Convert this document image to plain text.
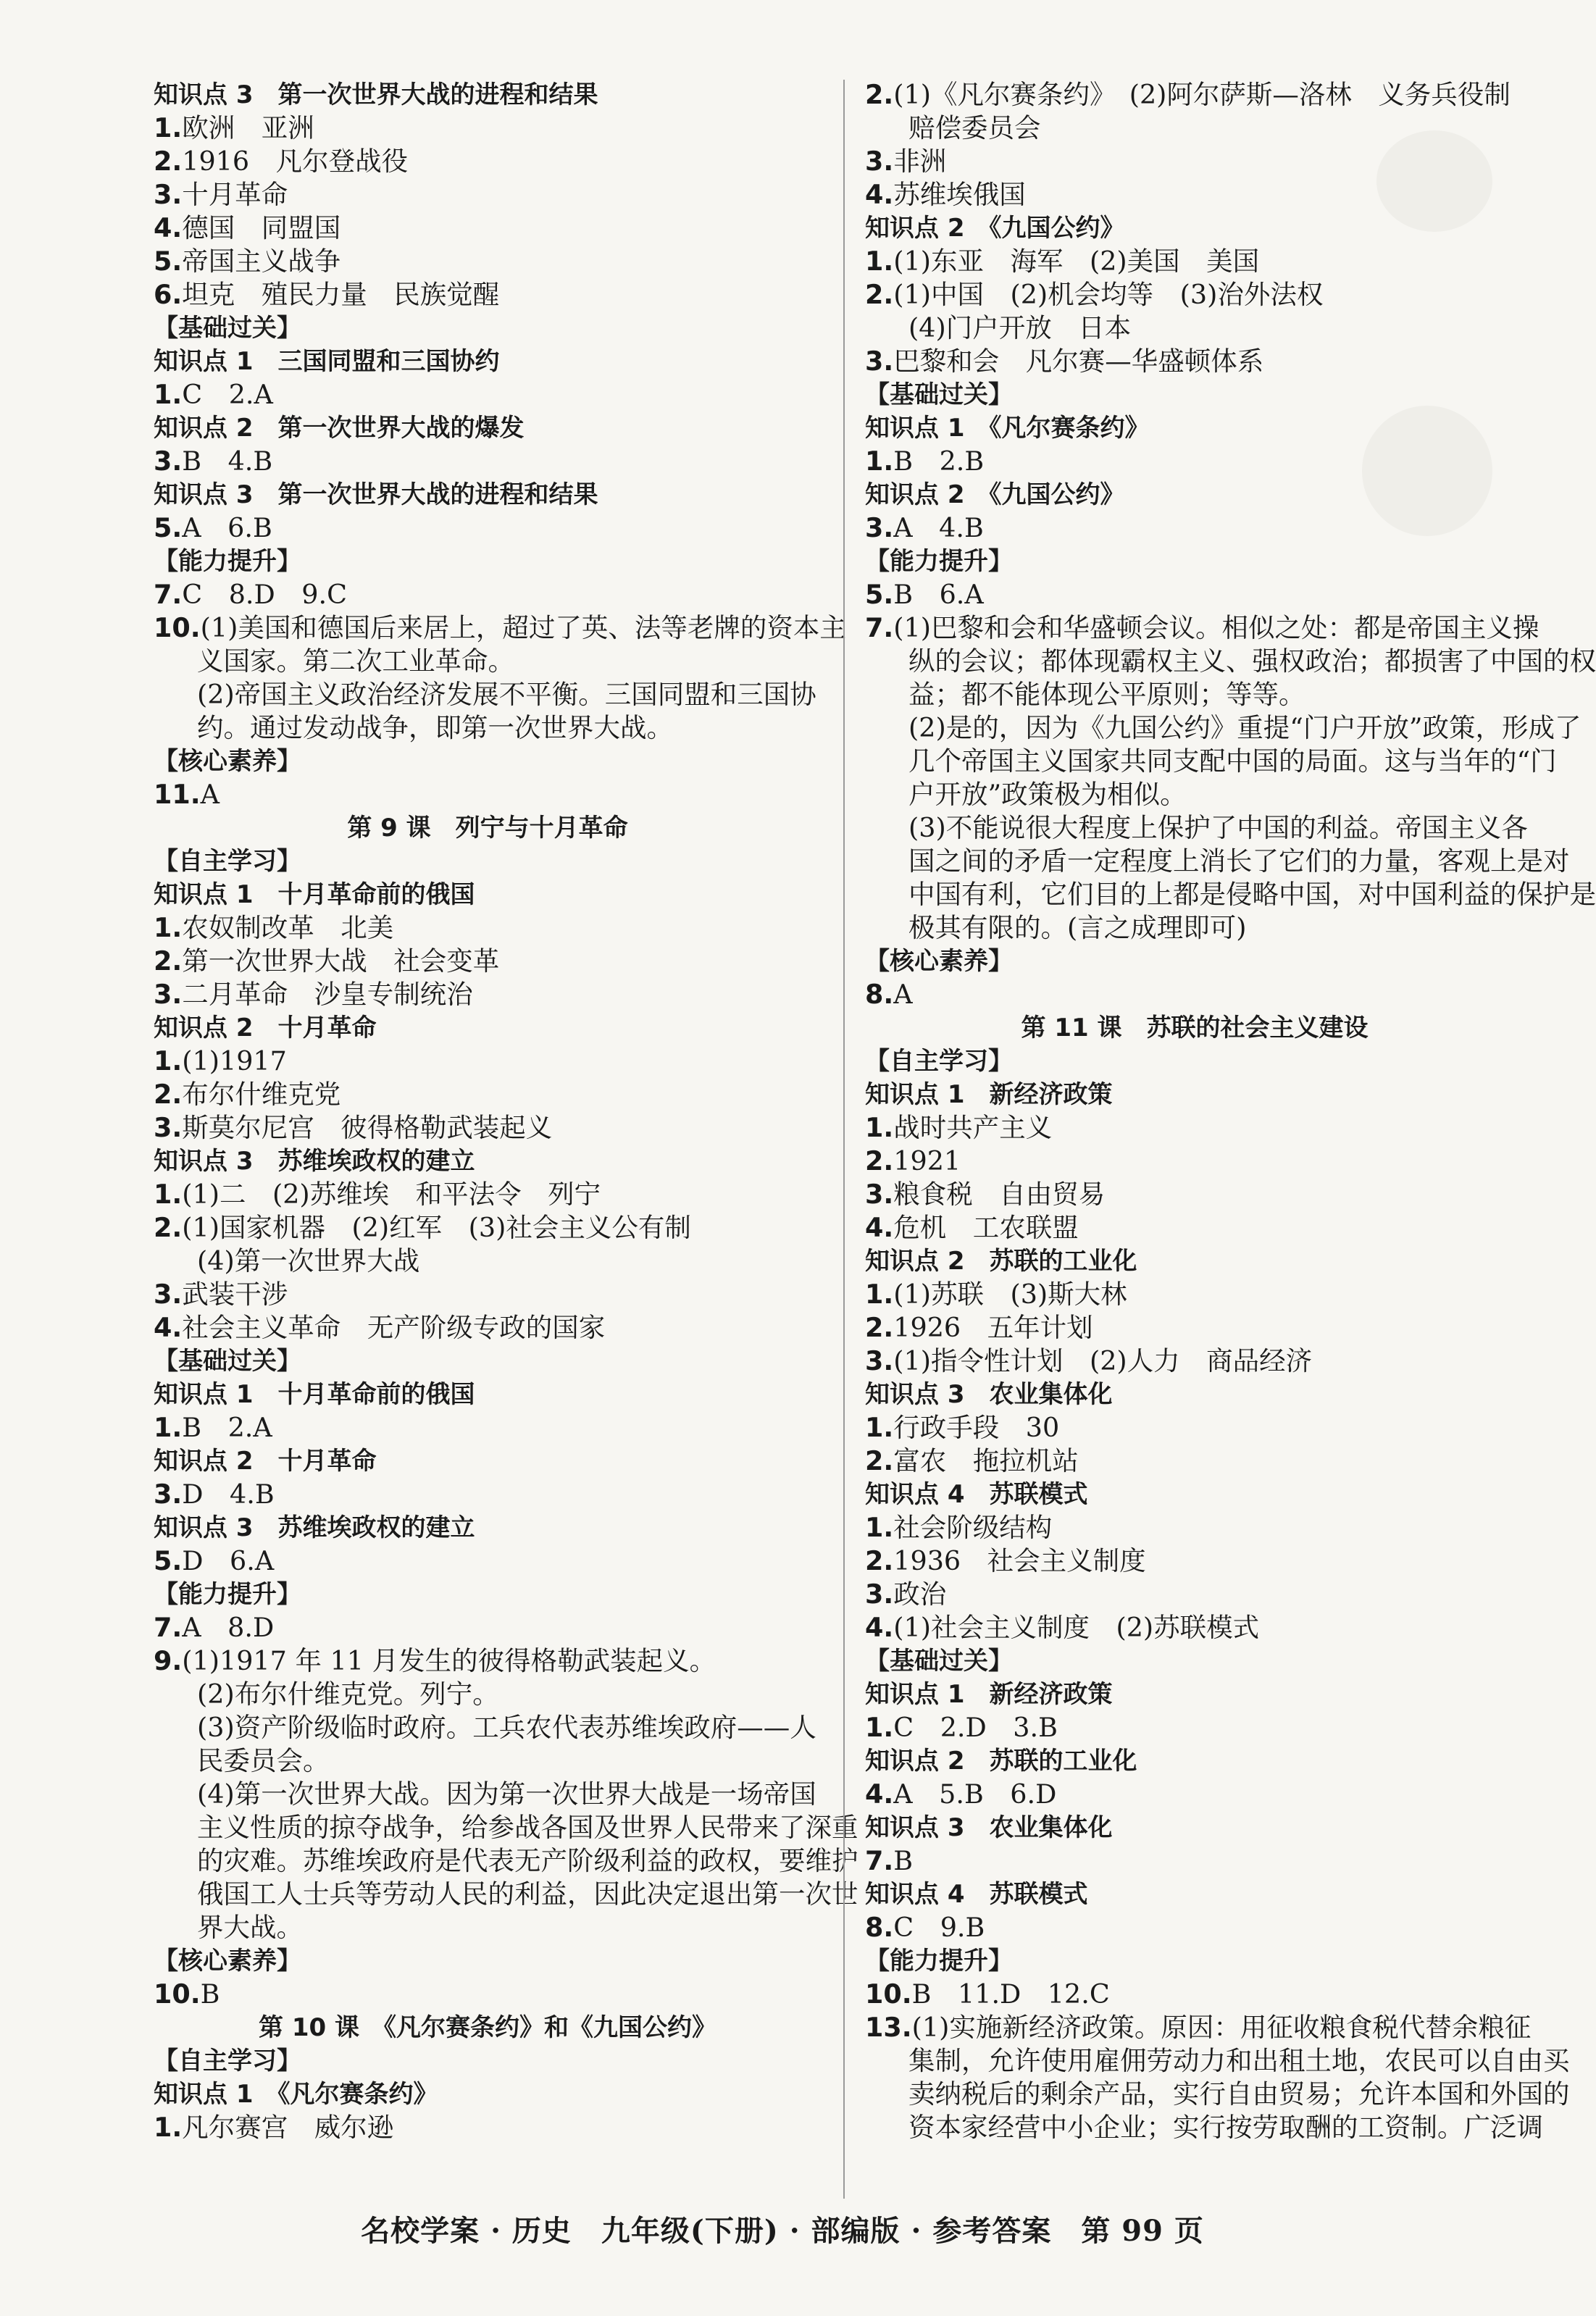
知识点 3　第一次世界大战的进程和结果
1.欧洲　亚洲
2.1916　凡尔登战役
3.十月革命
4.德国　同盟国
5.帝国主义战争
6.坦克　殖民力量　民族觉醒
【基础过关】
知识点 1　三国同盟和三国协约
1.C　2.A
知识点 2　第一次世界大战的爆发
3.B　4.B
知识点 3　第一次世界大战的进程和结果
5.A　6.B
【能力提升】
7.C　8.D　9.C
10.(1)美国和德国后来居上，超过了英、法等老牌的资本主
义国家。第二次工业革命。
(2)帝国主义政治经济发展不平衡。三国同盟和三国协
约。通过发动战争，即第一次世界大战。
【核心素养】
11.A
第 9 课　列宁与十月革命
【自主学习】
知识点 1　十月革命前的俄国
1.农奴制改革　北美
2.第一次世界大战　社会变革
3.二月革命　沙皇专制统治
知识点 2　十月革命
1.(1)1917
2.布尔什维克党
3.斯莫尔尼宫　彼得格勒武装起义
知识点 3　苏维埃政权的建立
1.(1)二　(2)苏维埃　和平法令　列宁
2.(1)国家机器　(2)红军　(3)社会主义公有制
(4)第一次世界大战
3.武装干涉
4.社会主义革命　无产阶级专政的国家
【基础过关】
知识点 1　十月革命前的俄国
1.B　2.A
知识点 2　十月革命
3.D　4.B
知识点 3　苏维埃政权的建立
5.D　6.A
【能力提升】
7.A　8.D
9.(1)1917 年 11 月发生的彼得格勒武装起义。
(2)布尔什维克党。列宁。
(3)资产阶级临时政府。工兵农代表苏维埃政府——人
民委员会。
(4)第一次世界大战。因为第一次世界大战是一场帝国
主义性质的掠夺战争，给参战各国及世界人民带来了深重
的灾难。苏维埃政府是代表无产阶级利益的政权，要维护
俄国工人士兵等劳动人民的利益，因此决定退出第一次世
界大战。
【核心素养】
10.B
第 10 课　《凡尔赛条约》和《九国公约》
【自主学习】
知识点 1　《凡尔赛条约》
1.凡尔赛宫　威尔逊
2.(1)《凡尔赛条约》　(2)阿尔萨斯—洛林　义务兵役制
赔偿委员会
3.非洲
4.苏维埃俄国
知识点 2　《九国公约》
1.(1)东亚　海军　(2)美国　美国
2.(1)中国　(2)机会均等　(3)治外法权
(4)门户开放　日本
3.巴黎和会　凡尔赛—华盛顿体系
【基础过关】
知识点 1　《凡尔赛条约》
1.B　2.B
知识点 2　《九国公约》
3.A　4.B
【能力提升】
5.B　6.A
7.(1)巴黎和会和华盛顿会议。相似之处：都是帝国主义操
纵的会议；都体现霸权主义、强权政治；都损害了中国的权
益；都不能体现公平原则；等等。
(2)是的，因为《九国公约》重提“门户开放”政策，形成了
几个帝国主义国家共同支配中国的局面。这与当年的“门
户开放”政策极为相似。
(3)不能说很大程度上保护了中国的利益。帝国主义各
国之间的矛盾一定程度上消长了它们的力量，客观上是对
中国有利，它们目的上都是侵略中国，对中国利益的保护是
极其有限的。(言之成理即可)
【核心素养】
8.A
第 11 课　苏联的社会主义建设
【自主学习】
知识点 1　新经济政策
1.战时共产主义
2.1921
3.粮食税　自由贸易
4.危机　工农联盟
知识点 2　苏联的工业化
1.(1)苏联　(3)斯大林
2.1926　五年计划
3.(1)指令性计划　(2)人力　商品经济
知识点 3　农业集体化
1.行政手段　30
2.富农　拖拉机站
知识点 4　苏联模式
1.社会阶级结构
2.1936　社会主义制度
3.政治
4.(1)社会主义制度　(2)苏联模式
【基础过关】
知识点 1　新经济政策
1.C　2.D　3.B
知识点 2　苏联的工业化
4.A　5.B　6.D
知识点 3　农业集体化
7.B
知识点 4　苏联模式
8.C　9.B
【能力提升】
10.B　11.D　12.C
13.(1)实施新经济政策。原因：用征收粮食税代替余粮征
集制，允许使用雇佣劳动力和出租土地，农民可以自由买
卖纳税后的剩余产品，实行自由贸易；允许本国和外国的
资本家经营中小企业；实行按劳取酬的工资制。广泛调
名校学案 · 历史　九年级(下册) · 部编版 · 参考答案　第 99 页
